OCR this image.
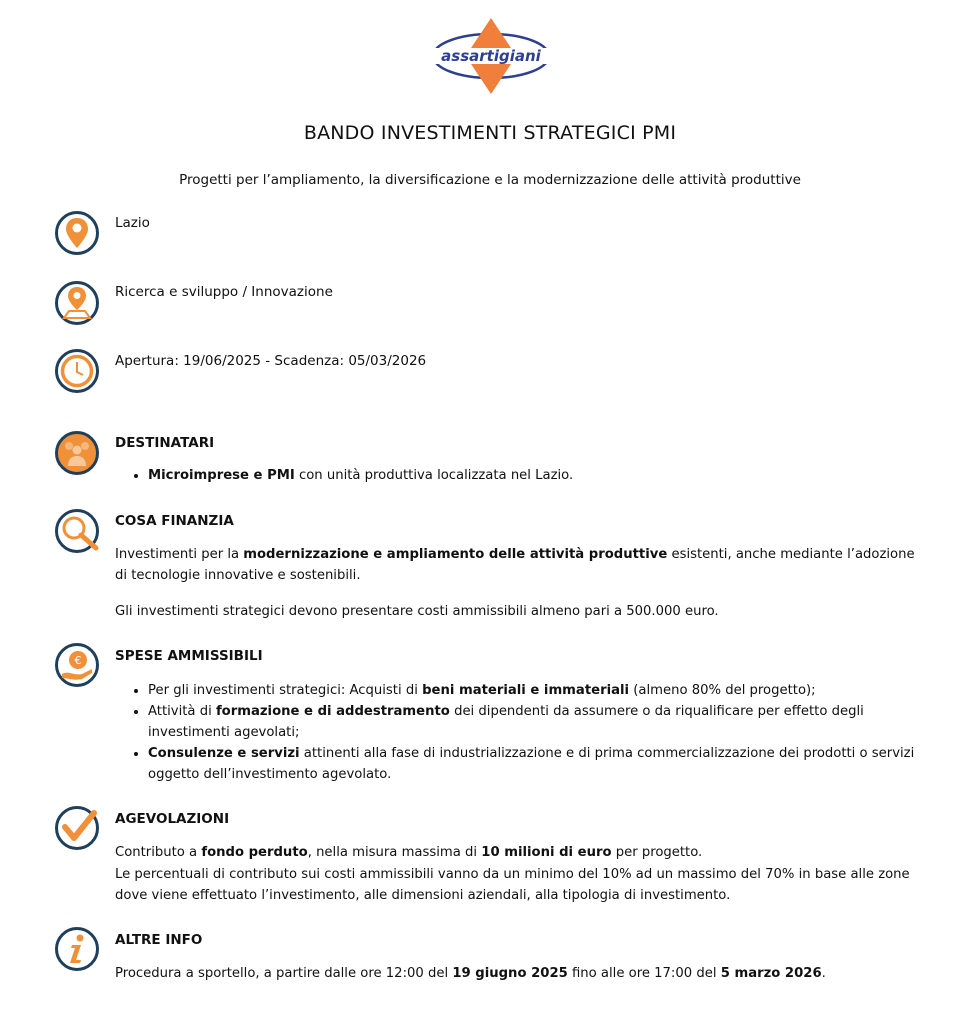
assartigiani
BANDO INVESTIMENTI STRATEGICI PMI
Progetti per l’ampliamento, la diversificazione e la modernizzazione delle attività produttive
Lazio
Ricerca e sviluppo / Innovazione
Apertura: 19/06/2025 - Scadenza: 05/03/2026
DESTINATARI
• Microimprese e PMI con unità produttiva localizzata nel Lazio.
COSA FINANZIA
Investimenti per la modernizzazione e ampliamento delle attività produttive esistenti, anche mediante l’adozione di tecnologie innovative e sostenibili.
Gli investimenti strategici devono presentare costi ammissibili almeno pari a 500.000 euro.
€ SPESE AMMISSIBILI
• Per gli investimenti strategici: Acquisti di beni materiali e immateriali (almeno 80% del progetto);
• Attività di formazione e di addestramento dei dipendenti da assumere o da riqualificare per effetto degli investimenti agevolati;
• Consulenze e servizi attinenti alla fase di industrializzazione e di prima commercializzazione dei prodotti o servizi oggetto dell’investimento agevolato.
AGEVOLAZIONI
Contributo a fondo perduto, nella misura massima di 10 milioni di euro per progetto.
Le percentuali di contributo sui costi ammissibili vanno da un minimo del 10% ad un massimo del 70% in base alle zone dove viene effettuato l’investimento, alle dimensioni aziendali, alla tipologia di investimento.
ALTRE INFO
Procedura a sportello, a partire dalle ore 12:00 del 19 giugno 2025 fino alle ore 17:00 del 5 marzo 2026.
